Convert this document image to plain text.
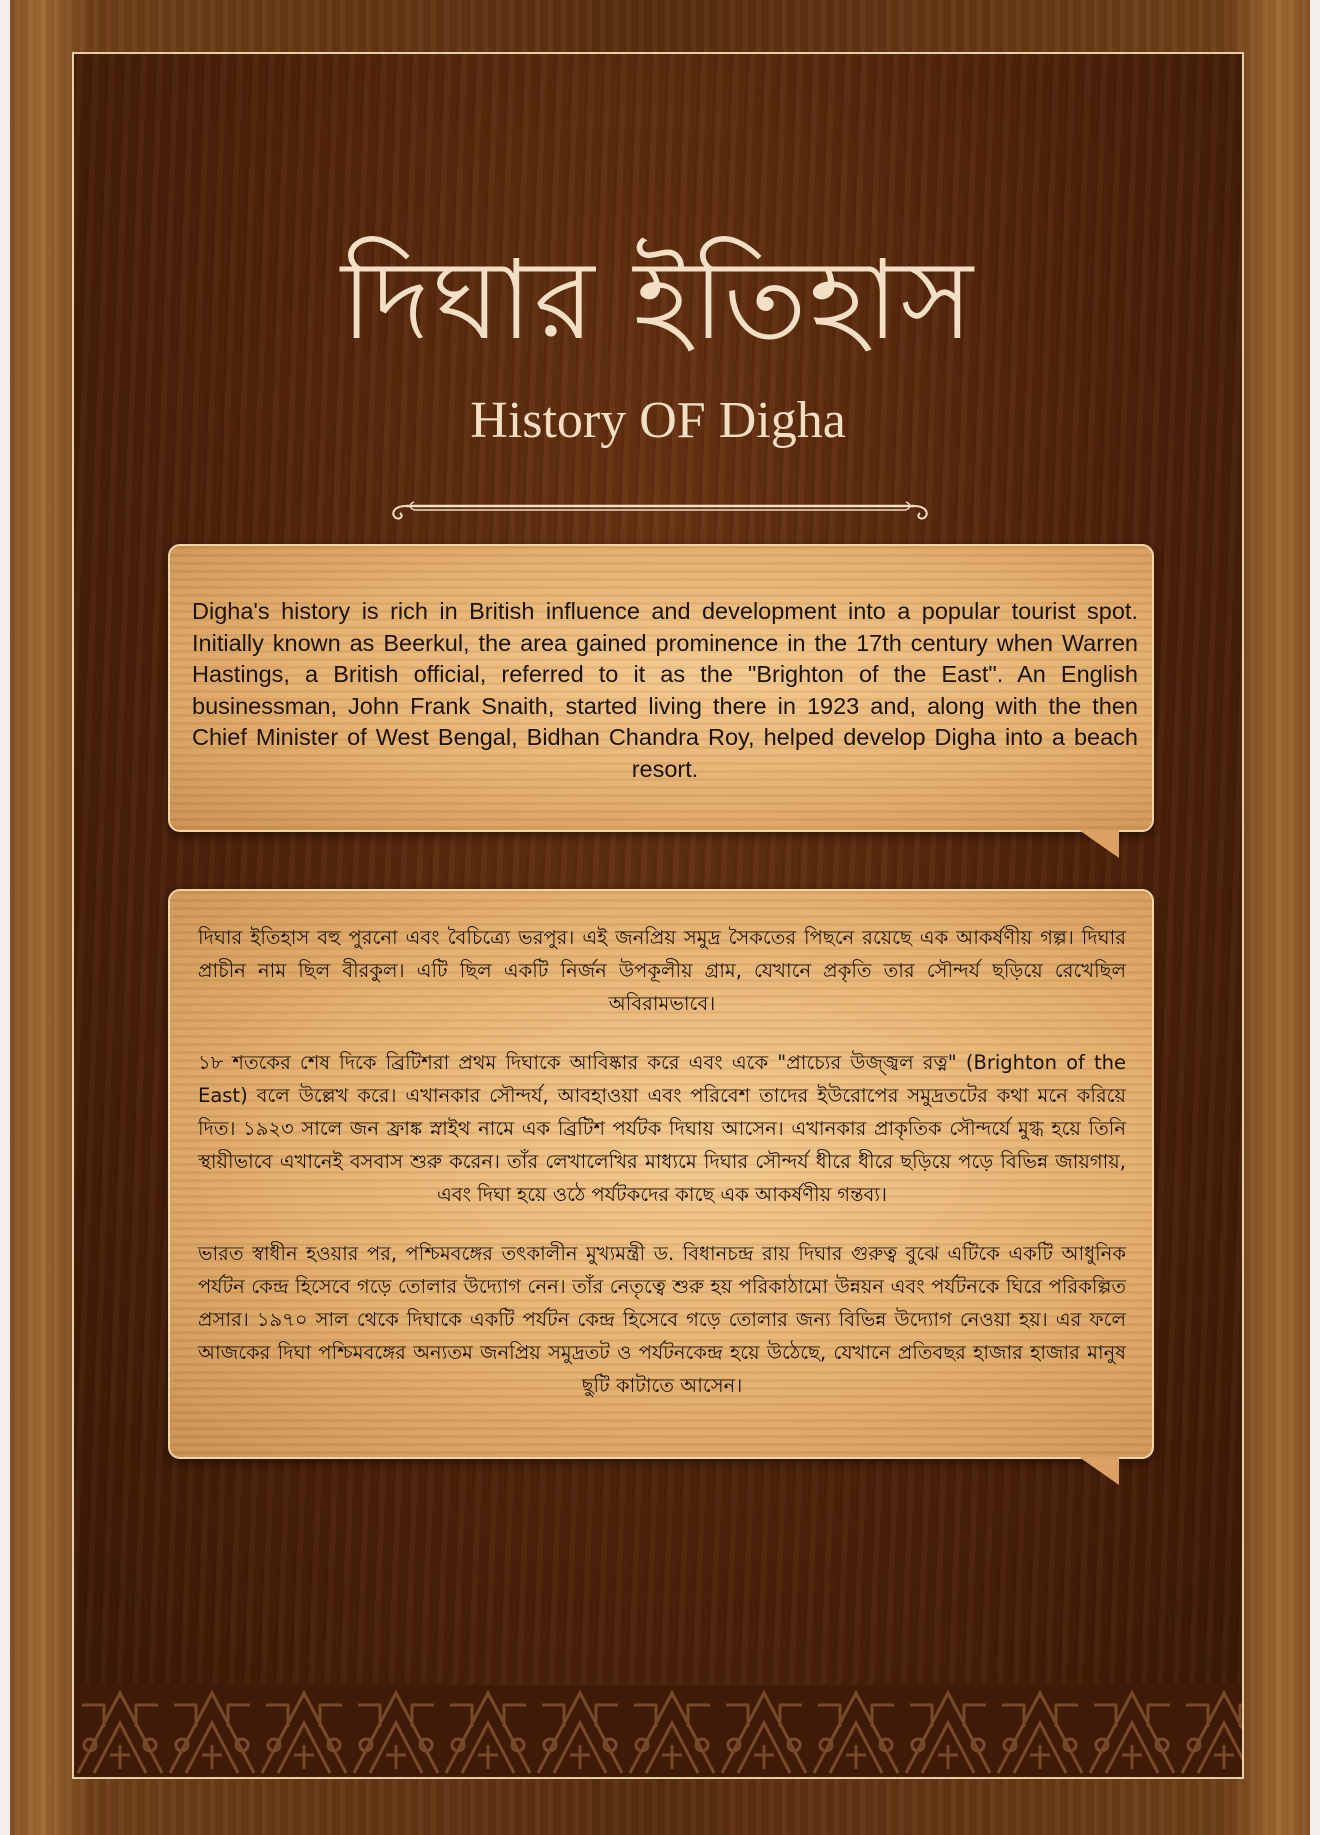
দিঘার ইতিহাস
History OF Digha

Digha's history is rich in British influence and development into a popular tourist spot. Initially known as Beerkul, the area gained prominence in the 17th century when Warren Hastings, a British official, referred to it as the "Brighton of the East". An English businessman, John Frank Snaith, started living there in 1923 and, along with the then Chief Minister of West Bengal, Bidhan Chandra Roy, helped develop Digha into a beach resort.

দিঘার ইতিহাস বহু পুরনো এবং বৈচিত্র্যে ভরপুর। এই জনপ্রিয় সমুদ্র সৈকতের পিছনে রয়েছে এক আকর্ষণীয় গল্প। দিঘার প্রাচীন নাম ছিল বীরকুল। এটি ছিল একটি নির্জন উপকূলীয় গ্রাম, যেখানে প্রকৃতি তার সৌন্দর্য ছড়িয়ে রেখেছিল অবিরামভাবে।

১৮ শতকের শেষ দিকে ব্রিটিশরা প্রথম দিঘাকে আবিষ্কার করে এবং একে "প্রাচ্যের উজ্জ্বল রত্ন" (Brighton of the East) বলে উল্লেখ করে। এখানকার সৌন্দর্য, আবহাওয়া এবং পরিবেশ তাদের ইউরোপের সমুদ্রতটের কথা মনে করিয়ে দিত। ১৯২৩ সালে জন ফ্রাঙ্ক স্নাইথ নামে এক ব্রিটিশ পর্যটক দিঘায় আসেন। এখানকার প্রাকৃতিক সৌন্দর্যে মুগ্ধ হয়ে তিনি স্থায়ীভাবে এখানেই বসবাস শুরু করেন। তাঁর লেখালেখির মাধ্যমে দিঘার সৌন্দর্য ধীরে ধীরে ছড়িয়ে পড়ে বিভিন্ন জায়গায়, এবং দিঘা হয়ে ওঠে পর্যটকদের কাছে এক আকর্ষণীয় গন্তব্য।

ভারত স্বাধীন হওয়ার পর, পশ্চিমবঙ্গের তৎকালীন মুখ্যমন্ত্রী ড. বিধানচন্দ্র রায় দিঘার গুরুত্ব বুঝে এটিকে একটি আধুনিক পর্যটন কেন্দ্র হিসেবে গড়ে তোলার উদ্যোগ নেন। তাঁর নেতৃত্বে শুরু হয় পরিকাঠামো উন্নয়ন এবং পর্যটনকে ঘিরে পরিকল্পিত প্রসার। ১৯৭০ সাল থেকে দিঘাকে একটি পর্যটন কেন্দ্র হিসেবে গড়ে তোলার জন্য বিভিন্ন উদ্যোগ নেওয়া হয়। এর ফলে আজকের দিঘা পশ্চিমবঙ্গের অন্যতম জনপ্রিয় সমুদ্রতট ও পর্যটনকেন্দ্র হয়ে উঠেছে, যেখানে প্রতিবছর হাজার হাজার মানুষ ছুটি কাটাতে আসেন।
